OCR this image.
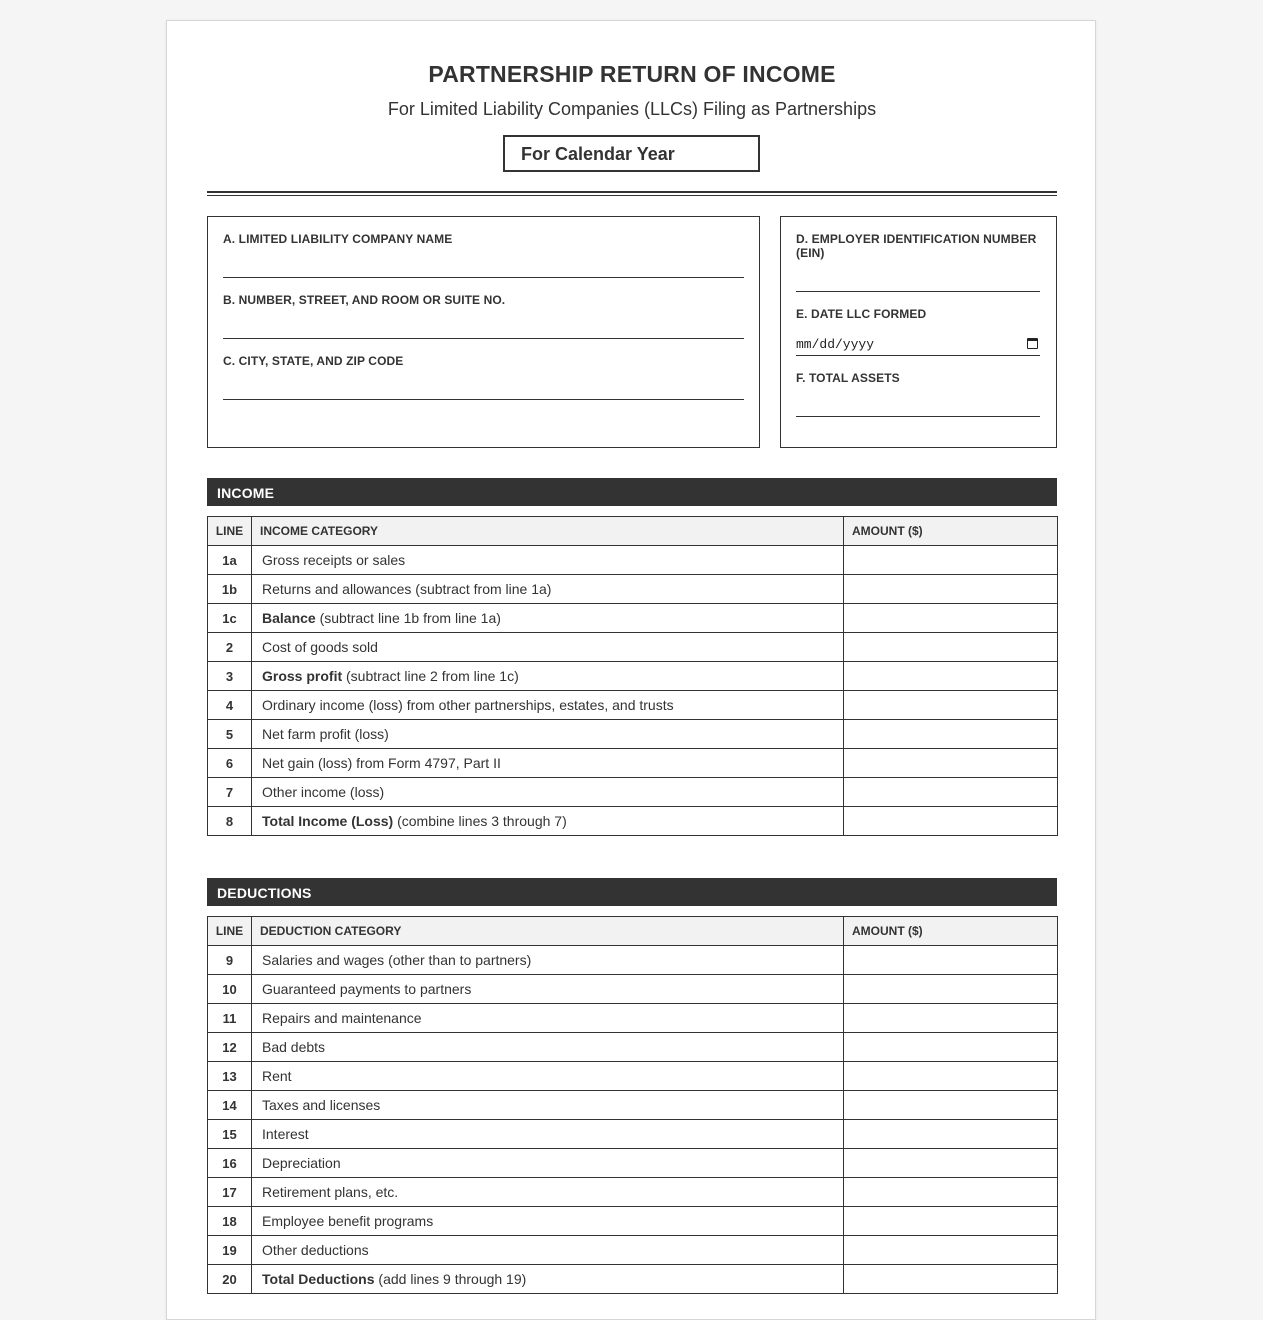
PARTNERSHIP RETURN OF INCOME
For Limited Liability Companies (LLCs) Filing as Partnerships
For Calendar Year
A. LIMITED LIABILITY COMPANY NAME
B. NUMBER, STREET, AND ROOM OR SUITE NO.
C. CITY, STATE, AND ZIP CODE
D. EMPLOYER IDENTIFICATION NUMBER (EIN)
E. DATE LLC FORMED
mm/dd/yyyy
F. TOTAL ASSETS
INCOME
LINE	INCOME CATEGORY	AMOUNT ($)
1a	Gross receipts or sales	
1b	Returns and allowances (subtract from line 1a)	
1c	Balance (subtract line 1b from line 1a)	
2	Cost of goods sold	
3	Gross profit (subtract line 2 from line 1c)	
4	Ordinary income (loss) from other partnerships, estates, and trusts	
5	Net farm profit (loss)	
6	Net gain (loss) from Form 4797, Part II	
7	Other income (loss)	
8	Total Income (Loss) (combine lines 3 through 7)	
DEDUCTIONS
LINE	DEDUCTION CATEGORY	AMOUNT ($)
9	Salaries and wages (other than to partners)	
10	Guaranteed payments to partners	
11	Repairs and maintenance	
12	Bad debts	
13	Rent	
14	Taxes and licenses	
15	Interest	
16	Depreciation	
17	Retirement plans, etc.	
18	Employee benefit programs	
19	Other deductions	
20	Total Deductions (add lines 9 through 19)	
